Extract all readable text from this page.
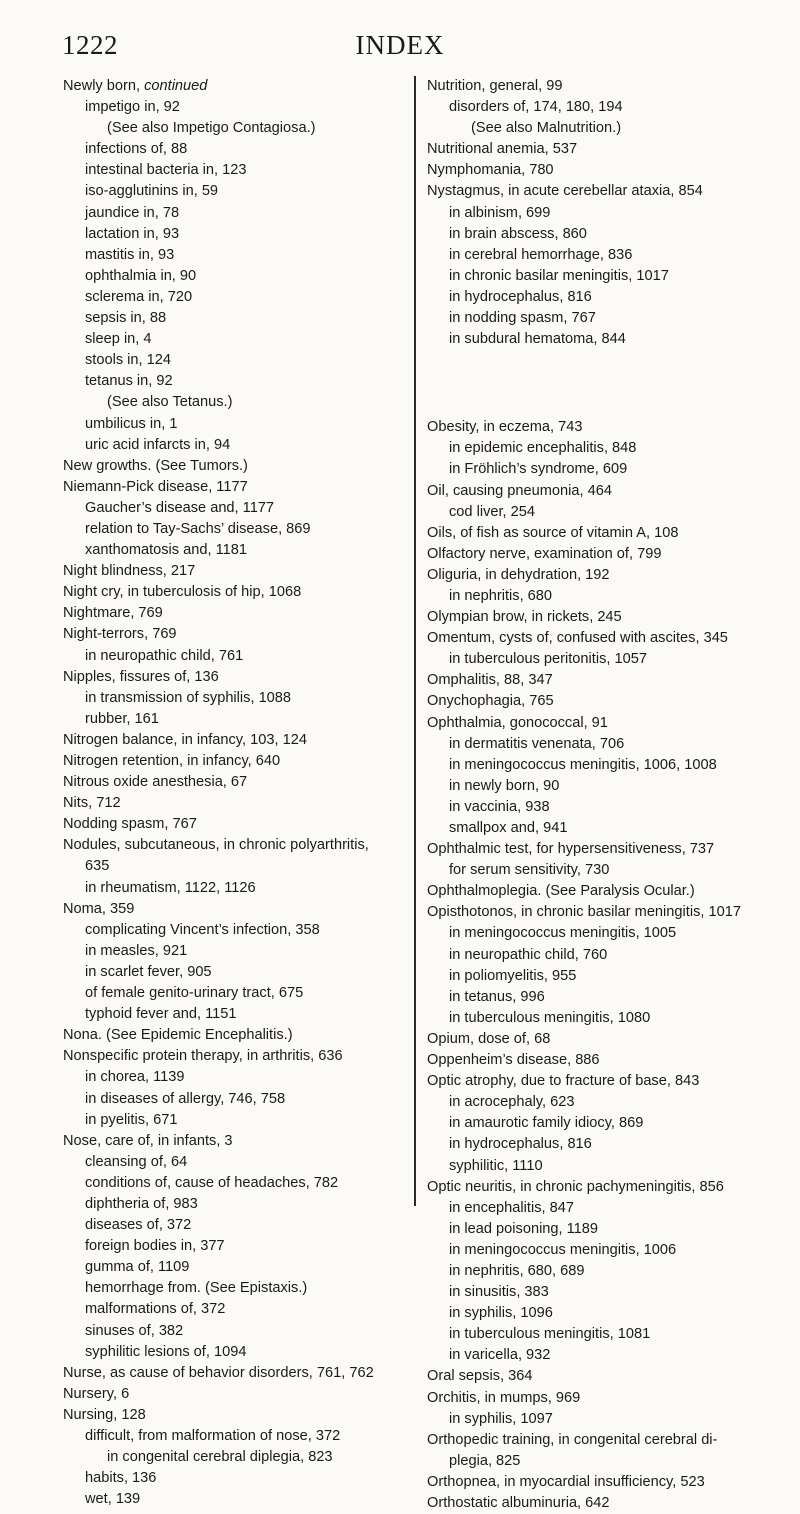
1222	INDEX
Newly born, continued
impetigo in, 92
(See also Impetigo Contagiosa.)
infections of, 88
intestinal bacteria in, 123
iso-agglutinins in, 59
jaundice in, 78
lactation in, 93
mastitis in, 93
ophthalmia in, 90
sclerema in, 720
sepsis in, 88
sleep in, 4
stools in, 124
tetanus in, 92
(See also Tetanus.)
umbilicus in, 1
uric acid infarcts in, 94
New growths. (See Tumors.)
Niemann-Pick disease, 1177
Gaucher’s disease and, 1177
relation to Tay-Sachs’ disease, 869
xanthomatosis and, 1181
Night blindness, 217
Night cry, in tuberculosis of hip, 1068
Nightmare, 769
Night-terrors, 769
in neuropathic child, 761
Nipples, fissures of, 136
in transmission of syphilis, 1088
rubber, 161
Nitrogen balance, in infancy, 103, 124
Nitrogen retention, in infancy, 640
Nitrous oxide anesthesia, 67
Nits, 712
Nodding spasm, 767
Nodules, subcutaneous, in chronic polyarthritis,
635
in rheumatism, 1122, 1126
Noma, 359
complicating Vincent’s infection, 358
in measles, 921
in scarlet fever, 905
of female genito-urinary tract, 675
typhoid fever and, 1151
Nona. (See Epidemic Encephalitis.)
Nonspecific protein therapy, in arthritis, 636
in chorea, 1139
in diseases of allergy, 746, 758
in pyelitis, 671
Nose, care of, in infants, 3
cleansing of, 64
conditions of, cause of headaches, 782
diphtheria of, 983
diseases of, 372
foreign bodies in, 377
gumma of, 1109
hemorrhage from. (See Epistaxis.)
malformations of, 372
sinuses of, 382
syphilitic lesions of, 1094
Nurse, as cause of behavior disorders, 761, 762
Nursery, 6
Nursing, 128
difficult, from malformation of nose, 372
in congenital cerebral diplegia, 823
habits, 136
wet, 139
Nutrition, general, 99
disorders of, 174, 180, 194
(See also Malnutrition.)
Nutritional anemia, 537
Nymphomania, 780
Nystagmus, in acute cerebellar ataxia, 854
in albinism, 699
in brain abscess, 860
in cerebral hemorrhage, 836
in chronic basilar meningitis, 1017
in hydrocephalus, 816
in nodding spasm, 767
in subdural hematoma, 844
Obesity, in eczema, 743
in epidemic encephalitis, 848
in Fröhlich’s syndrome, 609
Oil, causing pneumonia, 464
cod liver, 254
Oils, of fish as source of vitamin A, 108
Olfactory nerve, examination of, 799
Oliguria, in dehydration, 192
in nephritis, 680
Olympian brow, in rickets, 245
Omentum, cysts of, confused with ascites, 345
in tuberculous peritonitis, 1057
Omphalitis, 88, 347
Onychophagia, 765
Ophthalmia, gonococcal, 91
in dermatitis venenata, 706
in meningococcus meningitis, 1006, 1008
in newly born, 90
in vaccinia, 938
smallpox and, 941
Ophthalmic test, for hypersensitiveness, 737
for serum sensitivity, 730
Ophthalmoplegia. (See Paralysis Ocular.)
Opisthotonos, in chronic basilar meningitis, 1017
in meningococcus meningitis, 1005
in neuropathic child, 760
in poliomyelitis, 955
in tetanus, 996
in tuberculous meningitis, 1080
Opium, dose of, 68
Oppenheim’s disease, 886
Optic atrophy, due to fracture of base, 843
in acrocephaly, 623
in amaurotic family idiocy, 869
in hydrocephalus, 816
syphilitic, 1110
Optic neuritis, in chronic pachymeningitis, 856
in encephalitis, 847
in lead poisoning, 1189
in meningococcus meningitis, 1006
in nephritis, 680, 689
in sinusitis, 383
in syphilis, 1096
in tuberculous meningitis, 1081
in varicella, 932
Oral sepsis, 364
Orchitis, in mumps, 969
in syphilis, 1097
Orthopedic training, in congenital cerebral di-
plegia, 825
Orthopnea, in myocardial insufficiency, 523
Orthostatic albuminuria, 642
